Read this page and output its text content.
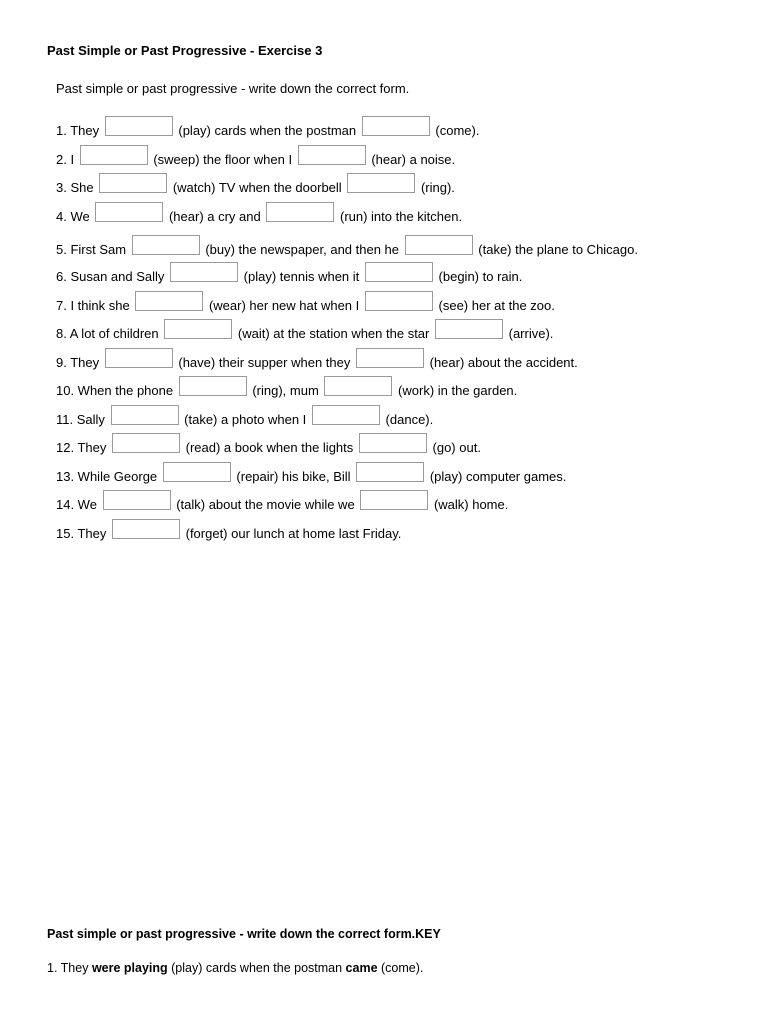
Past Simple or Past Progressive - Exercise 3
Past simple or past progressive - write down the correct form.
1. They	(play) cards when the postman	(come).
2. I	(sweep) the floor when I	(hear) a noise.
3. She	(watch) TV when the doorbell	(ring).
4. We	(hear) a cry and	(run) into the kitchen.
5. First Sam	(buy) the newspaper, and then he	(take) the plane to Chicago.
6. Susan and Sally	(play) tennis when it	(begin) to rain.
7. I think she	(wear) her new hat when I	(see) her at the zoo.
8. A lot of children	(wait) at the station when the star	(arrive).
9. They	(have) their supper when they	(hear) about the accident.
10. When the phone	(ring), mum	(work) in the garden.
11. Sally	(take) a photo when I	(dance).
12. They	(read) a book when the lights	(go) out.
13. While George	(repair) his bike, Bill	(play) computer games.
14. We	(talk) about the movie while we	(walk) home.
15. They	(forget) our lunch at home last Friday.
Past simple or past progressive - write down the correct form.KEY
1. They were playing (play) cards when the postman came (come).
